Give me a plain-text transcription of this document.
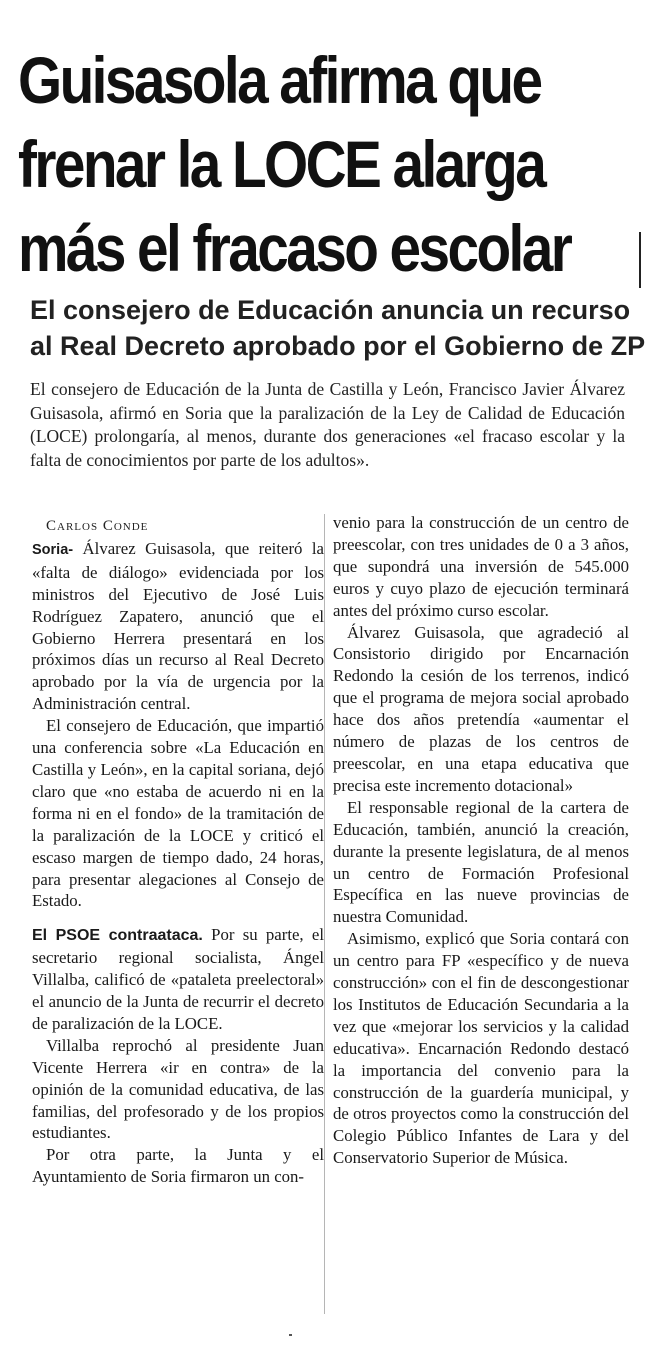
Guisasola afirma que
frenar la LOCE alarga
más el fracaso escolar
El consejero de Educación anuncia un recurso
al Real Decreto aprobado por el Gobierno de ZP

El consejero de Educación de la Junta de Castilla y León, Francisco Javier Álvarez Guisasola, afirmó en Soria que la paralización de la Ley de Calidad de Educación (LOCE) prolongaría, al menos, durante dos generaciones «el fracaso escolar y la falta de conocimientos por parte de los adultos».

Carlos Conde

Soria- Álvarez Guisasola, que reiteró la «falta de diálogo» evidenciada por los ministros del Ejecutivo de José Luis Rodríguez Zapatero, anunció que el Gobierno Herrera presentará en los próximos días un recurso al Real Decreto aprobado por la vía de urgencia por la Administración central.

El consejero de Educación, que impartió una conferencia sobre «La Educación en Castilla y León», en la capital soriana, dejó claro que «no estaba de acuerdo ni en la forma ni en el fondo» de la tramitación de la paralización de la LOCE y criticó el escaso margen de tiempo dado, 24 horas, para presentar alegaciones al Consejo de Estado.

El PSOE contraataca. Por su parte, el secretario regional socialista, Ángel Villalba, calificó de «pataleta preelectoral» el anuncio de la Junta de recurrir el decreto de paralización de la LOCE.

Villalba reprochó al presidente Juan Vicente Herrera «ir en contra» de la opinión de la comunidad educativa, de las familias, del profesorado y de los propios estudiantes.

Por otra parte, la Junta y el Ayuntamiento de Soria firmaron un con-

venio para la construcción de un centro de preescolar, con tres unidades de 0 a 3 años, que supondrá una inversión de 545.000 euros y cuyo plazo de ejecución terminará antes del próximo curso escolar.

Álvarez Guisasola, que agradeció al Consistorio dirigido por Encarnación Redondo la cesión de los terrenos, indicó que el programa de mejora social aprobado hace dos años pretendía «aumentar el número de plazas de los centros de preescolar, en una etapa educativa que precisa este incremento dotacional»

El responsable regional de la cartera de Educación, también, anunció la creación, durante la presente legislatura, de al menos un centro de Formación Profesional Específica en las nueve provincias de nuestra Comunidad.

Asimismo, explicó que Soria contará con un centro para FP «específico y de nueva construcción» con el fin de descongestionar los Institutos de Educación Secundaria a la vez que «mejorar los servicios y la calidad educativa». Encarnación Redondo destacó la importancia del convenio para la construcción de la guardería municipal, y de otros proyectos como la construcción del Colegio Público Infantes de Lara y del Conservatorio Superior de Música.
